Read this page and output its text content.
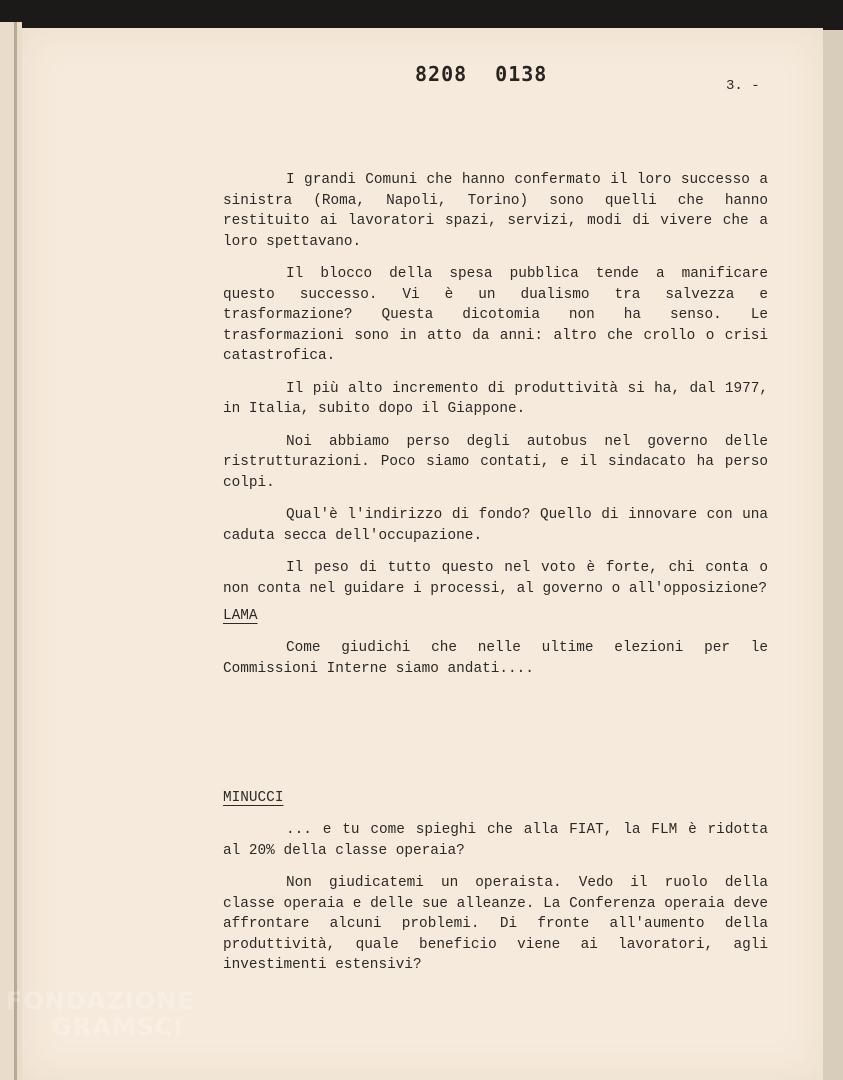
8208 0138	3. -

I grandi Comuni che hanno confermato il loro successo a sinistra (Roma, Napoli, Torino) sono quelli che hanno restituito ai lavoratori spazi, servizi, modi di vivere che a loro spettavano.

Il blocco della spesa pubblica tende a manificare questo successo. Vi è un dualismo tra salvezza e trasformazione? Questa dicotomia non ha senso. Le trasformazioni sono in atto da anni: altro che crollo o crisi catastrofica.

Il più alto incremento di produttività si ha, dal 1977, in Italia, subito dopo il Giappone.

Noi abbiamo perso degli autobus nel governo delle ristrutturazioni. Poco siamo contati, e il sindacato ha perso colpi.

Qual'è l'indirizzo di fondo? Quello di innovare con una caduta secca dell'occupazione.

Il peso di tutto questo nel voto è forte, chi conta o non conta nel guidare i processi, al governo o all'opposizione?

LAMA

Come giudichi che nelle ultime elezioni per le Commissioni Interne siamo andati....

MINUCCI

... e tu come spieghi che alla FIAT, la FLM è ridotta al 20% della classe operaia?

Non giudicatemi un operaista. Vedo il ruolo della classe operaia e delle sue alleanze. La Conferenza operaia deve affrontare alcuni problemi. Di fronte all'aumento della produttività, quale beneficio viene ai lavoratori, agli investimenti estensivi?

FONDAZIONE
GRAMSCI
